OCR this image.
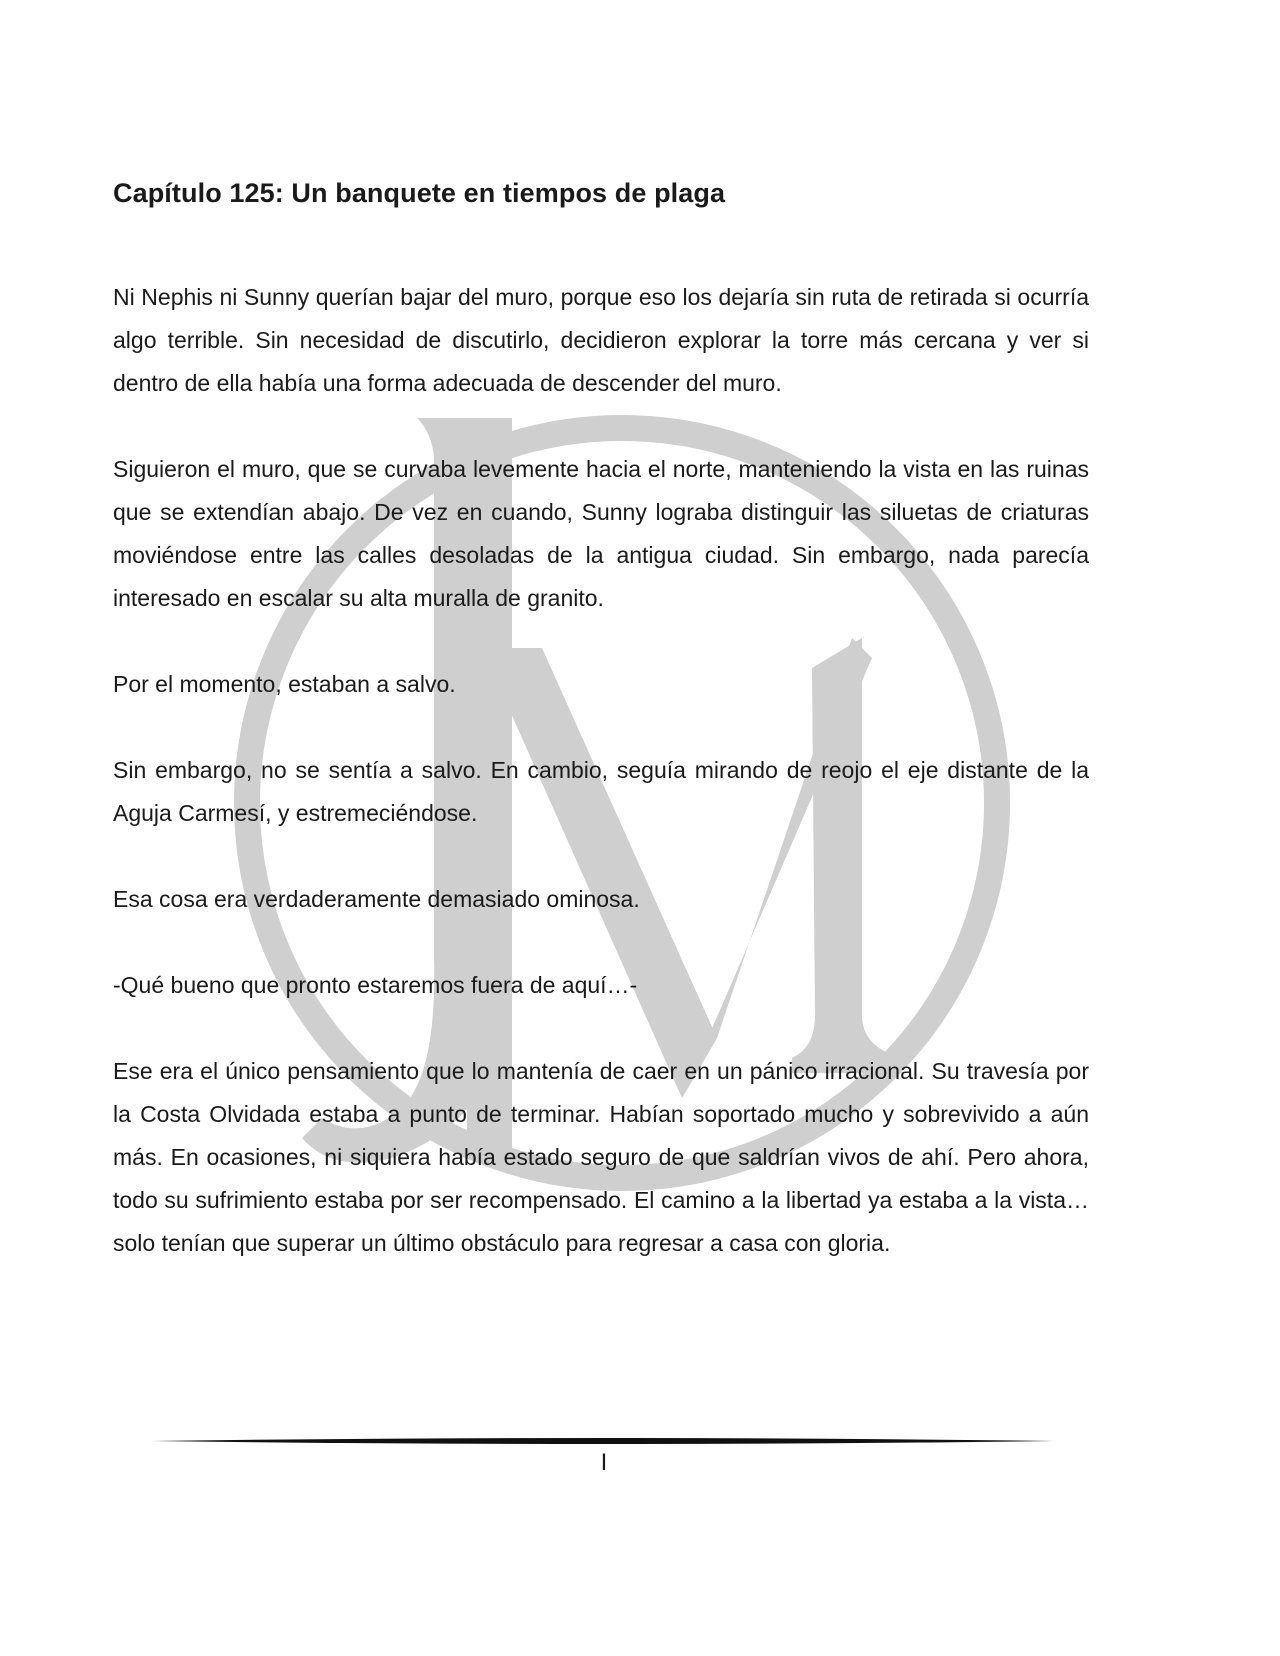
Capítulo 125: Un banquete en tiempos de plaga

Ni Nephis ni Sunny querían bajar del muro, porque eso los dejaría sin ruta de retirada si ocurría algo terrible. Sin necesidad de discutirlo, decidieron explorar la torre más cercana y ver si dentro de ella había una forma adecuada de descender del muro.

Siguieron el muro, que se curvaba levemente hacia el norte, manteniendo la vista en las ruinas que se extendían abajo. De vez en cuando, Sunny lograba distinguir las siluetas de criaturas moviéndose entre las calles desoladas de la antigua ciudad. Sin embargo, nada parecía interesado en escalar su alta muralla de granito.

Por el momento, estaban a salvo.

Sin embargo, no se sentía a salvo. En cambio, seguía mirando de reojo el eje distante de la Aguja Carmesí, y estremeciéndose.

Esa cosa era verdaderamente demasiado ominosa.

-Qué bueno que pronto estaremos fuera de aquí…-

Ese era el único pensamiento que lo mantenía de caer en un pánico irracional. Su travesía por la Costa Olvidada estaba a punto de terminar. Habían soportado mucho y sobrevivido a aún más. En ocasiones, ni siquiera había estado seguro de que saldrían vivos de ahí. Pero ahora, todo su sufrimiento estaba por ser recompensado. El camino a la libertad ya estaba a la vista… solo tenían que superar un último obstáculo para regresar a casa con gloria.

I
